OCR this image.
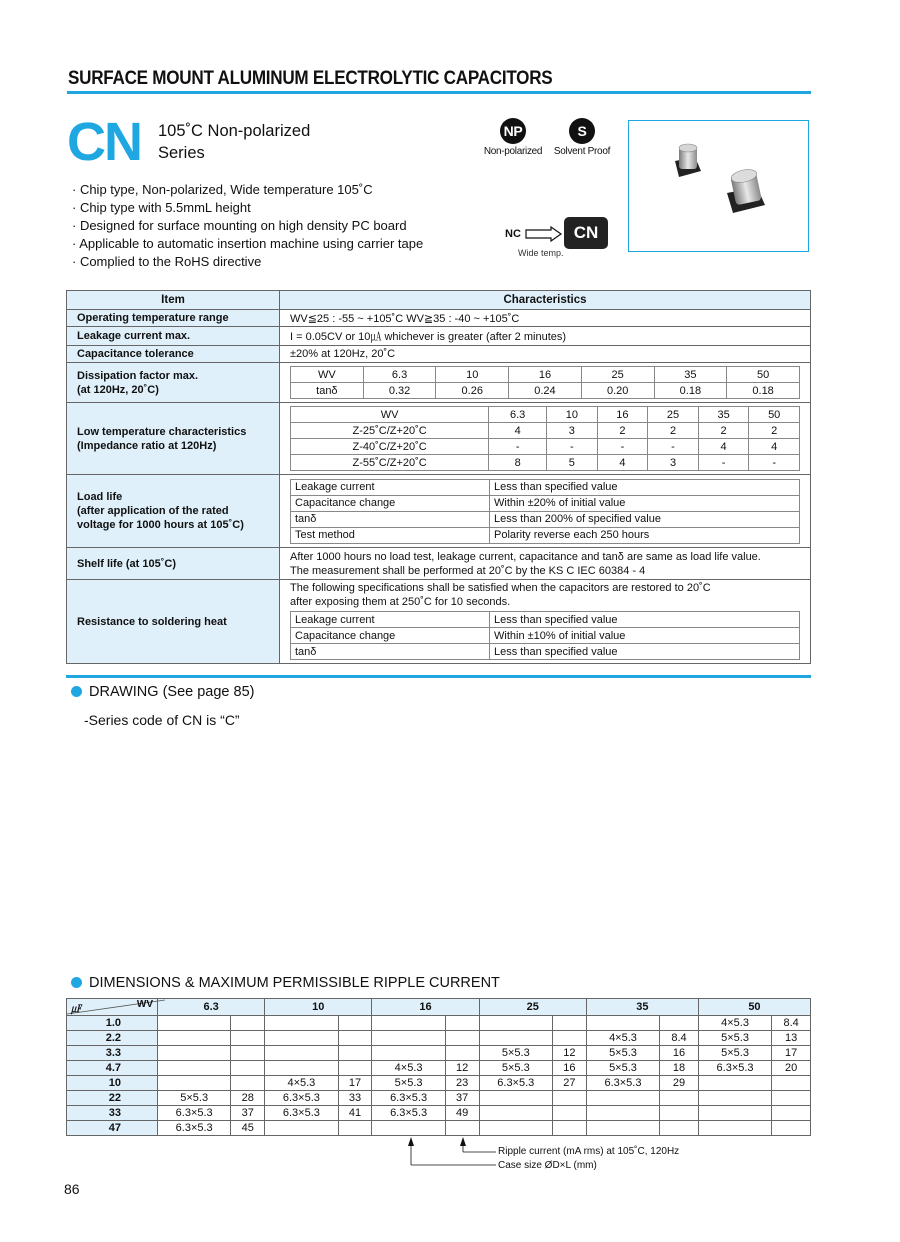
SURFACE MOUNT ALUMINUM ELECTROLYTIC CAPACITORS
CN 105˚C Non-polarized
Series
· Chip type, Non-polarized, Wide temperature 105˚C
· Chip type with 5.5mmL height
· Designed for surface mounting on high density PC board
· Applicable to automatic insertion machine using carrier tape
· Complied to the RoHS directive
NP
Non-polarized
S
Solvent Proof
NC	CN
Wide temp.
Item	Characteristics
Operating temperature range	WV≦25 : -55 ~ +105˚C WV≧35 : -40 ~ +105˚C
Leakage current max.	I = 0.05CV or 10㎂ whichever is greater (after 2 minutes)
Capacitance tolerance	±20% at 120Hz, 20˚C

Dissipation factor max.
(at 120Hz, 20˚C)

WV	6.3	10	16	25	35	50
tanδ	0.32	0.26	0.24	0.20	0.18	0.18

Low temperature characteristics
(Impedance ratio at 120Hz)

WV	6.3	10	16	25	35	50
Z-25˚C/Z+20˚C	4	3	2	2	2	2
Z-40˚C/Z+20˚C	-	-	-	-	4	4
Z-55˚C/Z+20˚C	8	5	4	3	-	-

Load life
(after application of the rated
voltage for 1000 hours at 105˚C)

Leakage current	Less than specified value
Capacitance change	Within ±20% of initial value
tanδ	Less than 200% of specified value
Test method	Polarity reverse each 250 hours

Shelf life (at 105˚C)	
After 1000 hours no load test, leakage current, capacitance and tanδ are same as load life value.
The measurement shall be performed at 20˚C by the KS C IEC 60384 - 4

Resistance to soldering heat	
The following specifications shall be satisfied when the capacitors are restored to 20˚C
after exposing them at 250˚C for 10 seconds.
Leakage current	Less than specified value
Capacitance change	Within ±10% of initial value
tanδ	Less than specified value
DRAWING (See page 85)
-Series code of CN is “C”
DIMENSIONS & MAXIMUM PERMISSIBLE RIPPLE CURRENT
㎌ WV	6.3		10		16		25		35		50	
1.0											4×5.3	8.4
2.2									4×5.3	8.4	5×5.3	13
3.3							5×5.3	12	5×5.3	16	5×5.3	17
4.7					4×5.3	12	5×5.3	16	5×5.3	18	6.3×5.3	20
10			4×5.3	17	5×5.3	23	6.3×5.3	27	6.3×5.3	29		
22	5×5.3	28	6.3×5.3	33	6.3×5.3	37						
33	6.3×5.3	37	6.3×5.3	41	6.3×5.3	49						
47	6.3×5.3	45										
Ripple current (mA rms) at 105˚C, 120Hz
Case size ØD×L (mm)
86
